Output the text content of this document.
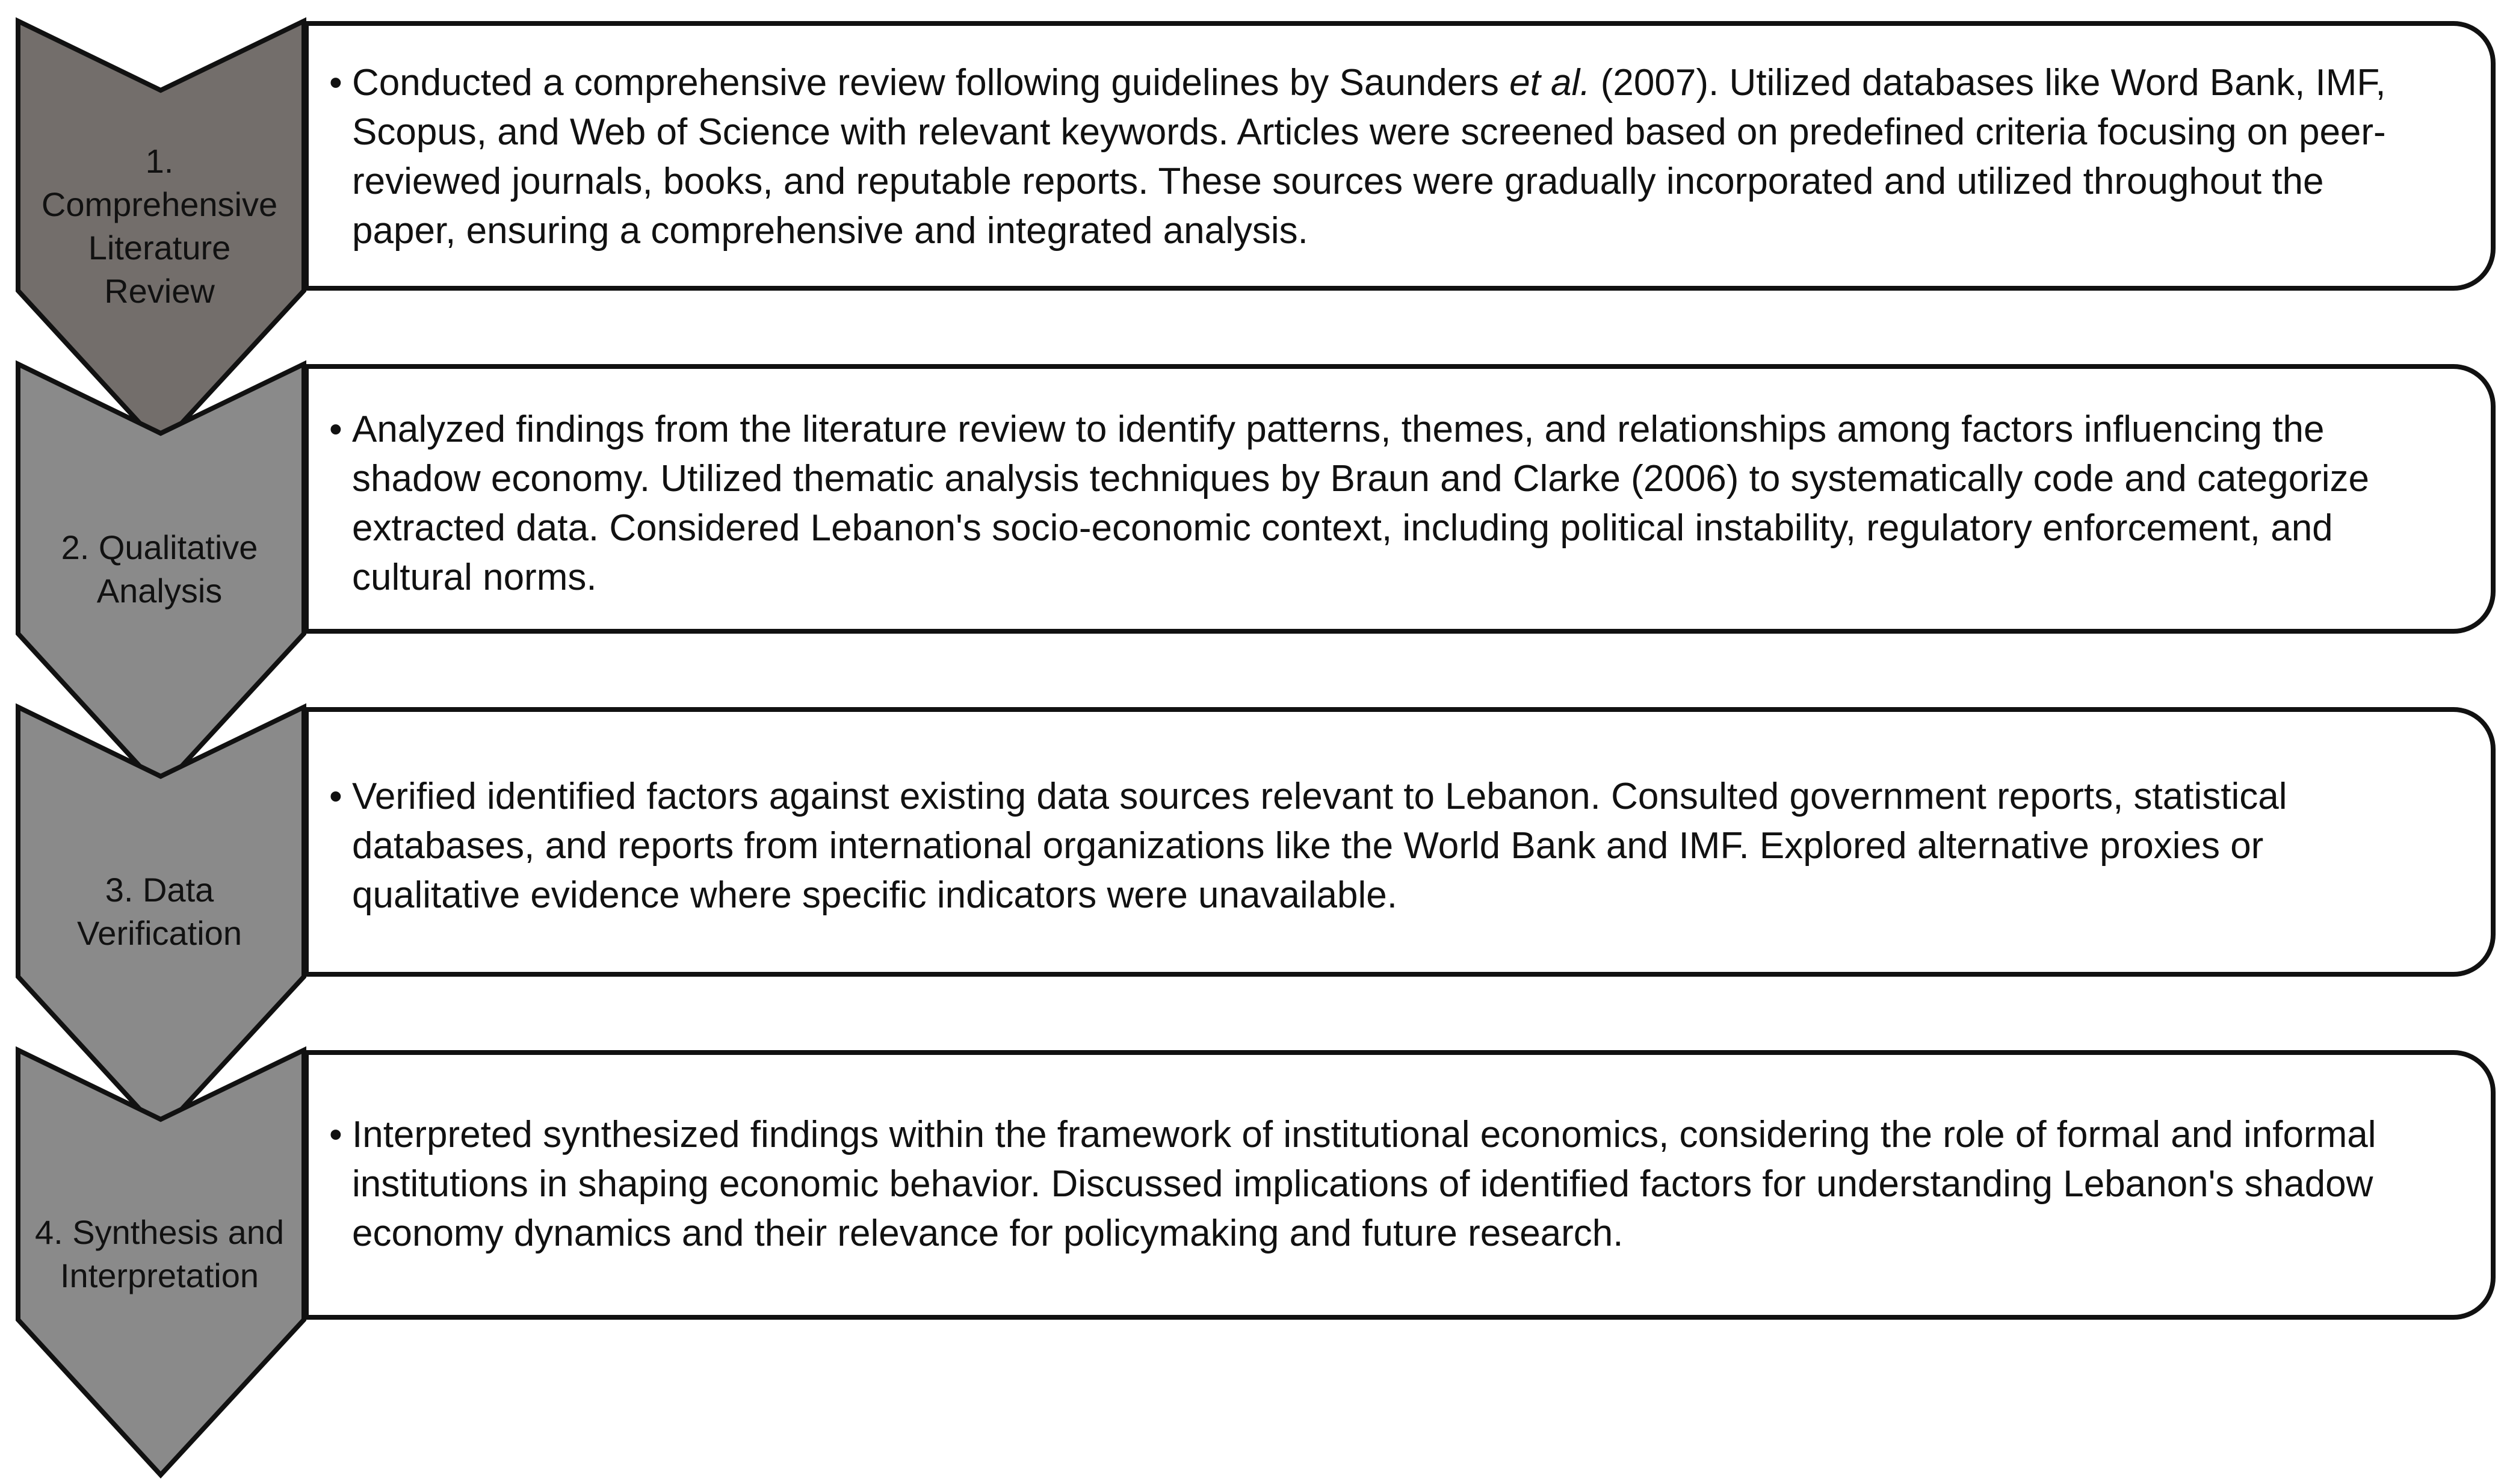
1.
Comprehensive
Literature
Review
• Conducted a comprehensive review following guidelines by Saunders et al. (2007). Utilized databases like Word Bank, IMF, Scopus, and Web of Science with relevant keywords. Articles were screened based on predefined criteria focusing on peer-reviewed journals, books, and reputable reports. These sources were gradually incorporated and utilized throughout the paper, ensuring a comprehensive and integrated analysis.
2. Qualitative
Analysis
• Analyzed findings from the literature review to identify patterns, themes, and relationships among factors influencing the shadow economy. Utilized thematic analysis techniques by Braun and Clarke (2006) to systematically code and categorize extracted data. Considered Lebanon's socio-economic context, including political instability, regulatory enforcement, and cultural norms.
3. Data
Verification
• Verified identified factors against existing data sources relevant to Lebanon. Consulted government reports, statistical databases, and reports from international organizations like the World Bank and IMF. Explored alternative proxies or qualitative evidence where specific indicators were unavailable.
4. Synthesis and
Interpretation
• Interpreted synthesized findings within the framework of institutional economics, considering the role of formal and informal institutions in shaping economic behavior. Discussed implications of identified factors for understanding Lebanon's shadow economy dynamics and their relevance for policymaking and future research.
